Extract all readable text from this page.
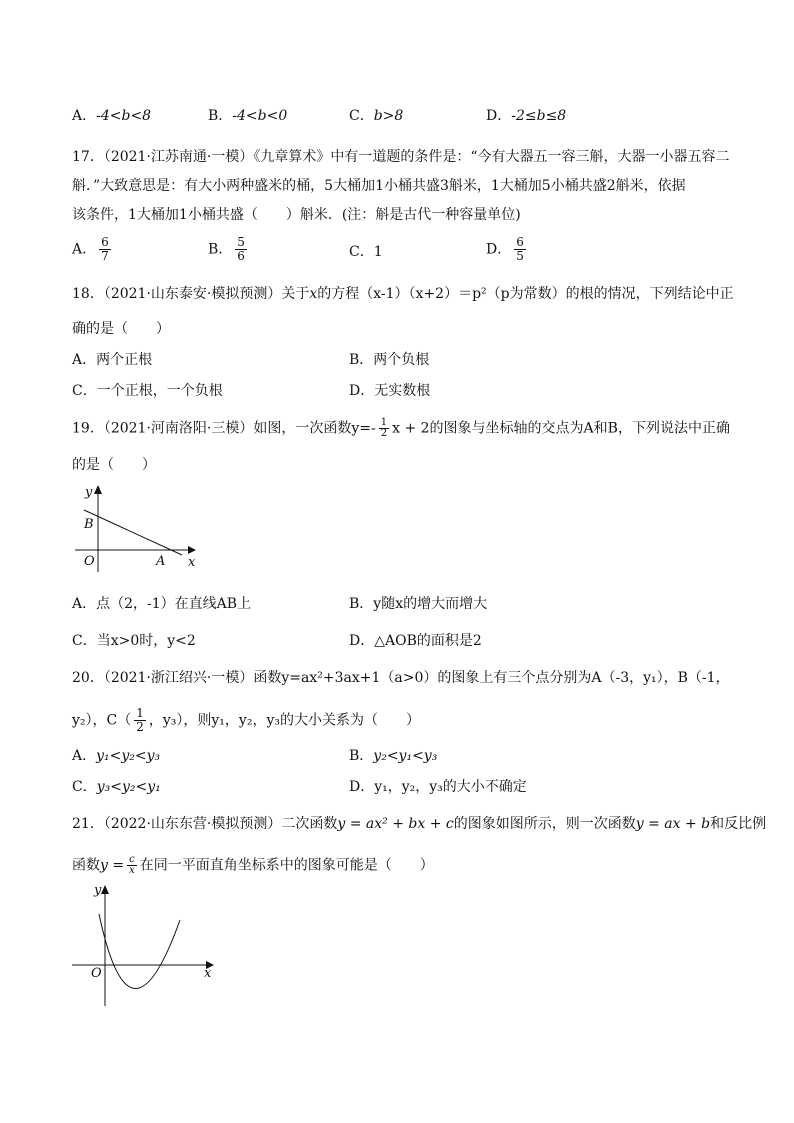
A．-4<b<8	B．-4<b<0	C．b>8	D．-2≤b≤8
17．（2021·江苏南通·一模）《九章算术》中有一道题的条件是：“今有大器五一容三斛，大器一小器五容二
斛．”大致意思是：有大小两种盛米的桶，5大桶加1小桶共盛3斛米，1大桶加5小桶共盛2斛米，依据
该条件，1大桶加1小桶共盛（　　）斛米．(注：斛是古代一种容量单位)
A． $\frac{6}{7}$	B． $\frac{5}{6}$	C．1	D． $\frac{6}{5}$
18．（2021·山东泰安·模拟预测）关于x的方程（x-1）（x+2）＝p²（p为常数）的根的情况，下列结论中正
确的是（　　）
A．两个正根	B．两个负根
C．一个正根，一个负根	D．无实数根
19．（2021·河南洛阳·三模）如图，一次函数$y=- \frac{1}{2}$ x + 2的图象与坐标轴的交点为A和B，下列说法中正确
的是（　　）
y
x
O	A
B
A．点（2，-1）在直线AB上	B．y随x的增大而增大
C．当x>0时，y<2	D．△AOB的面积是2
20．（2021·浙江绍兴·一模）函数y=ax²+3ax+1（a>0）的图象上有三个点分别为A（-3，y₁），B（-1，
y₂），$C( \frac{1}{2}$ ，y₃），则y₁，y₂，y₃的大小关系为（　　）
A．y₁<y₂<y₃	B．y₂<y₁<y₃
C．y₃<y₂<y₁	D．y₁，y₂，y₃的大小不确定
21．（2022·山东东营·模拟预测）二次函数y = ax² + bx + c的图象如图所示，则一次函数y = ax + b和反比例
函数$y = \frac{c}{x}$ 在同一平面直角坐标系中的图象可能是（　　）
y
x
O
